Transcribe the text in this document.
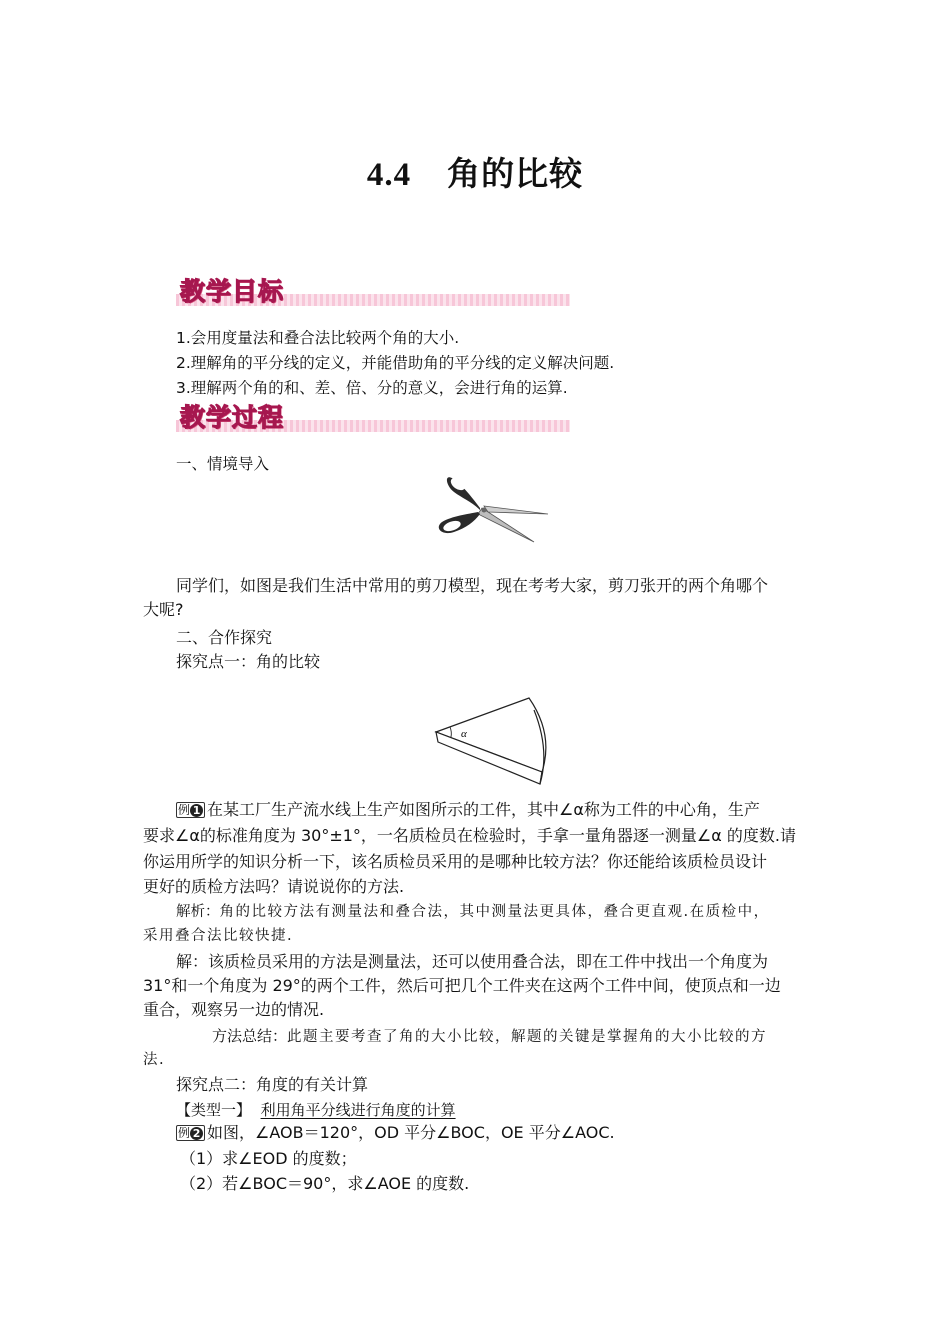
4.4 角的比较
教学目标
1.会用度量法和叠合法比较两个角的大小.
2.理解角的平分线的定义，并能借助角的平分线的定义解决问题.
3.理解两个角的和、差、倍、分的意义，会进行角的运算.
教学过程
一、情境导入
同学们，如图是我们生活中常用的剪刀模型，现在考考大家，剪刀张开的两个角哪个
大呢?
二、合作探究
探究点一：角的比较
α
例 1 在某工厂生产流水线上生产如图所示的工件，其中∠α称为工件的中心角，生产
要求∠α的标准角度为 30°±1°，一名质检员在检验时，手拿一量角器逐一测量∠α 的度数.请
你运用所学的知识分析一下，该名质检员采用的是哪种比较方法？你还能给该质检员设计
更好的质检方法吗？请说说你的方法.
解析：角的比较方法有测量法和叠合法，其中测量法更具体，叠合更直观.在质检中，
采用叠合法比较快捷.
解：该质检员采用的方法是测量法，还可以使用叠合法，即在工件中找出一个角度为
31°和一个角度为 29°的两个工件，然后可把几个工件夹在这两个工件中间，使顶点和一边
重合，观察另一边的情况.
方法总结：此题主要考查了角的大小比较，解题的关键是掌握角的大小比较的方
法.
探究点二：角度的有关计算
【类型一】 利用角平分线进行角度的计算
例 2 如图，∠AOB＝120°，OD 平分∠BOC，OE 平分∠AOC.
（1）求∠EOD 的度数；
（2）若∠BOC＝90°，求∠AOE 的度数.
